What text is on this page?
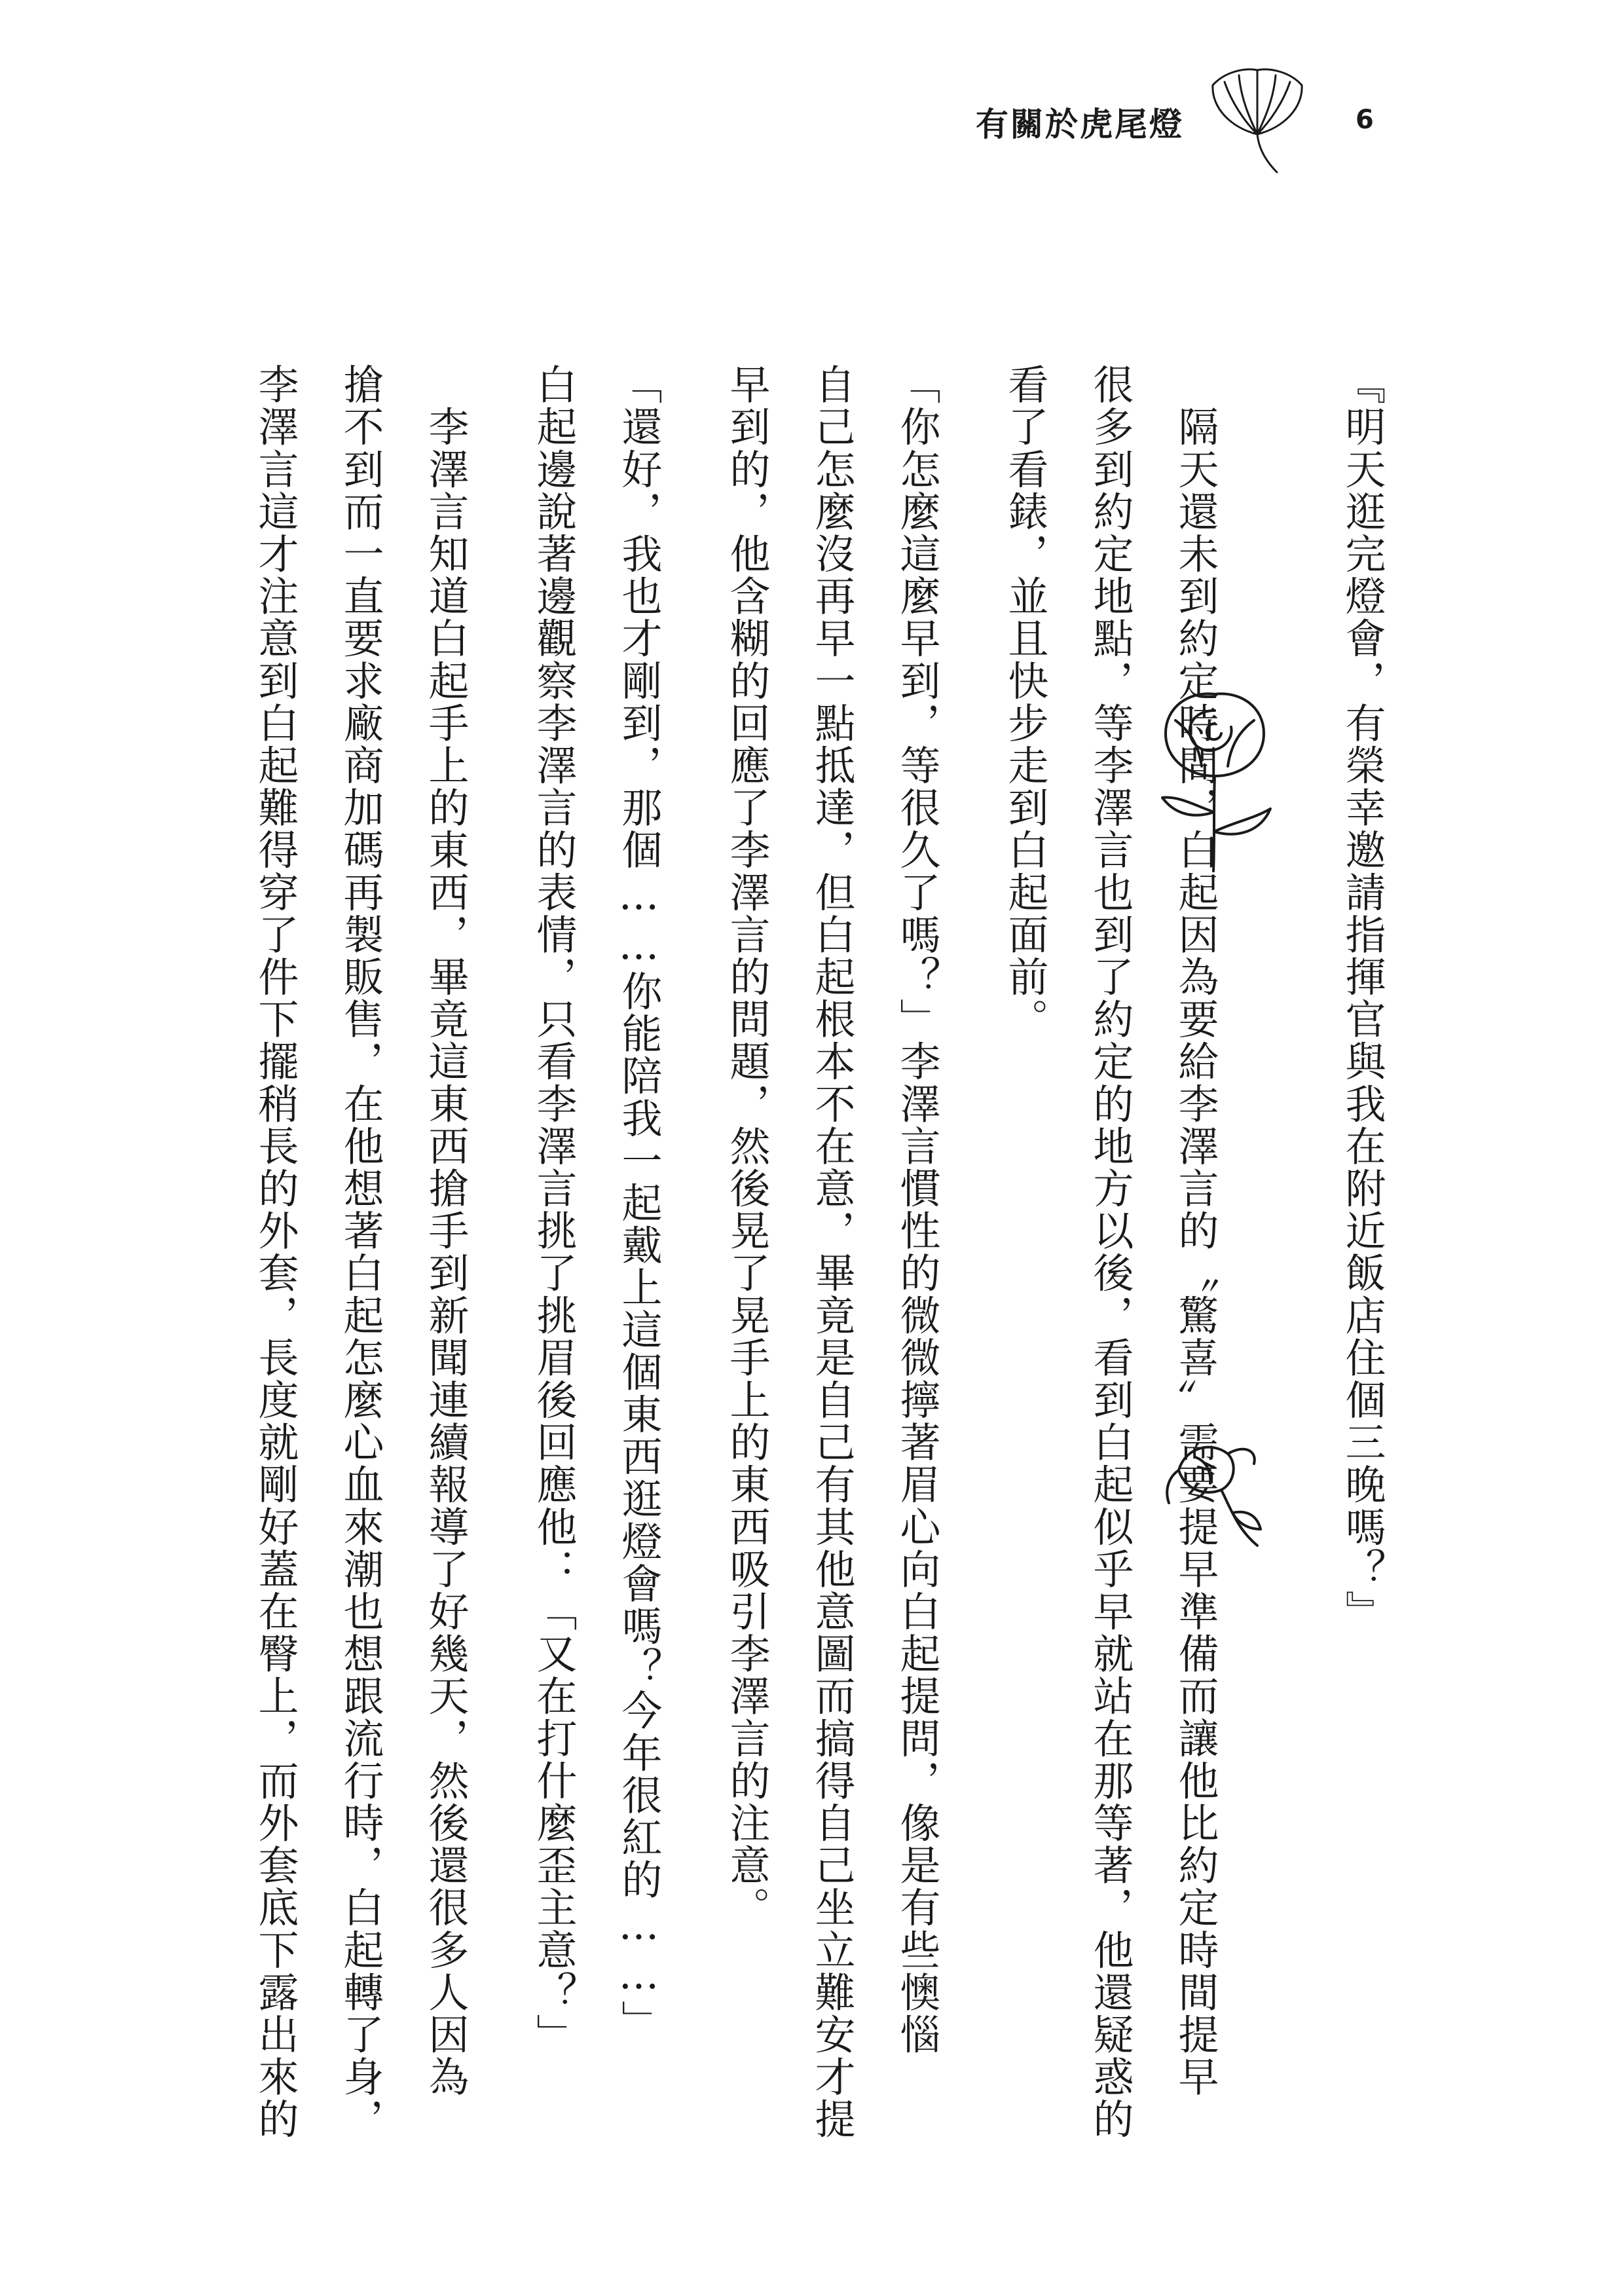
有關於虎尾燈	6
『明天逛完燈會，有榮幸邀請指揮官與我在附近飯店住個三晚嗎？』
　隔天還未到約定時間，白起因為要給李澤言的〝驚喜〞需要提早準備而讓他比約定時間提早
很多到約定地點，等李澤言也到了約定的地方以後，看到白起似乎早就站在那等著，他還疑惑的
看了看錶，並且快步走到白起面前。
「你怎麼這麼早到，等很久了嗎？」李澤言慣性的微微擰著眉心向白起提問，像是有些懊惱
自己怎麼沒再早一點抵達，但白起根本不在意，畢竟是自己有其他意圖而搞得自己坐立難安才提
早到的，他含糊的回應了李澤言的問題，然後晃了晃手上的東西吸引李澤言的注意。
「還好，我也才剛到，那個……你能陪我一起戴上這個東西逛燈會嗎？今年很紅的……」
白起邊說著邊觀察李澤言的表情，只看李澤言挑了挑眉後回應他：「又在打什麼歪主意？」
　李澤言知道白起手上的東西，畢竟這東西搶手到新聞連續報導了好幾天，然後還很多人因為
搶不到而一直要求廠商加碼再製販售，在他想著白起怎麼心血來潮也想跟流行時，白起轉了身，
李澤言這才注意到白起難得穿了件下擺稍長的外套，長度就剛好蓋在臀上，而外套底下露出來的
